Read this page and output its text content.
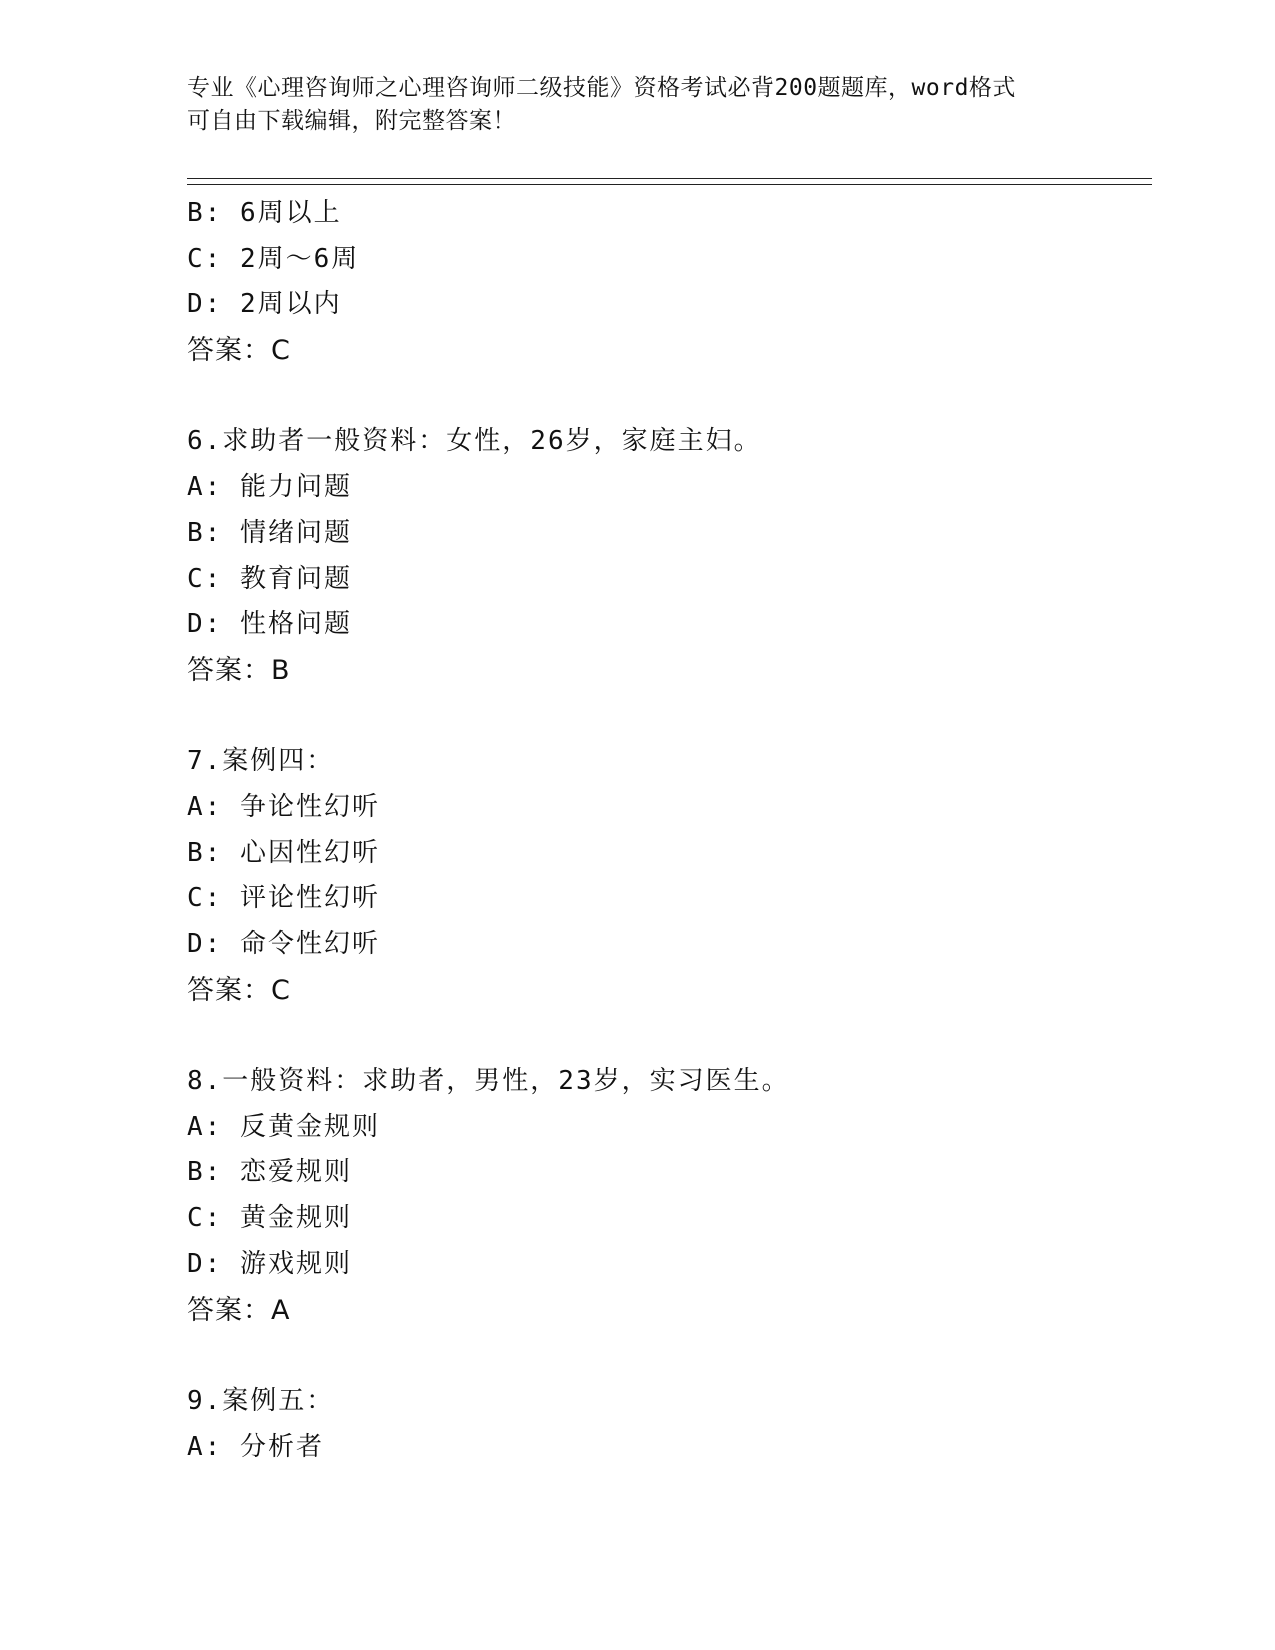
专业《心理咨询师之心理咨询师二级技能》资格考试必背200题题库，word格式
可自由下载编辑，附完整答案！
B: 6周以上
C: 2周～6周
D: 2周以内
答案：C
6.求助者一般资料：女性，26岁，家庭主妇。
A: 能力问题
B: 情绪问题
C: 教育问题
D: 性格问题
答案：B
7.案例四：
A: 争论性幻听
B: 心因性幻听
C: 评论性幻听
D: 命令性幻听
答案：C
8.一般资料：求助者，男性，23岁，实习医生。
A: 反黄金规则
B: 恋爱规则
C: 黄金规则
D: 游戏规则
答案：A
9.案例五：
A: 分析者
